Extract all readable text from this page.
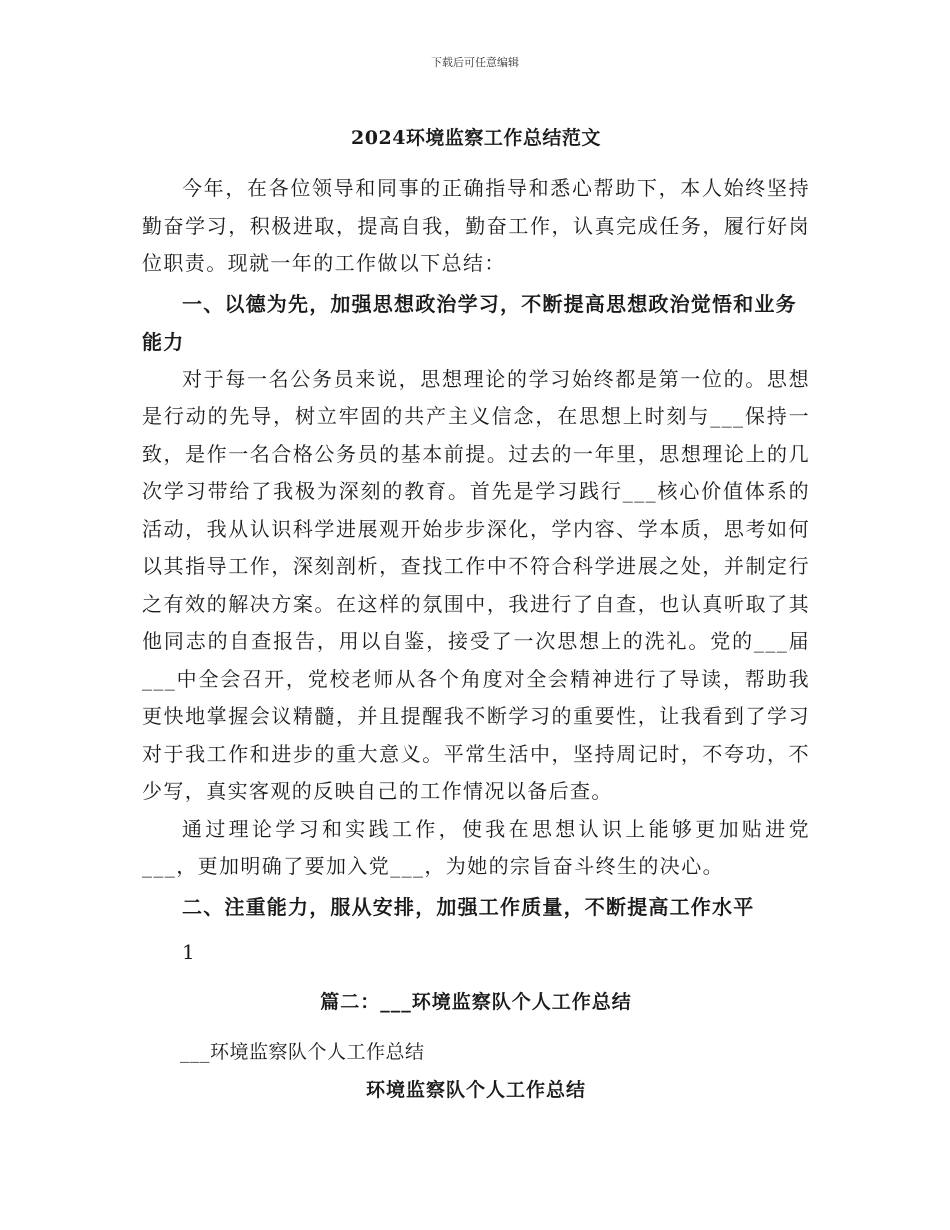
下载后可任意编辑
2024环境监察工作总结范文

今年，在各位领导和同事的正确指导和悉心帮助下，本人始终坚持勤奋学习，积极进取，提高自我，勤奋工作，认真完成任务，履行好岗位职责。现就一年的工作做以下总结：

一、以德为先，加强思想政治学习，不断提高思想政治觉悟和业务能力

对于每一名公务员来说，思想理论的学习始终都是第一位的。思想是行动的先导，树立牢固的共产主义信念，在思想上时刻与___保持一致，是作一名合格公务员的基本前提。过去的一年里，思想理论上的几次学习带给了我极为深刻的教育。首先是学习践行___核心价值体系的活动，我从认识科学进展观开始步步深化，学内容、学本质，思考如何以其指导工作，深刻剖析，查找工作中不符合科学进展之处，并制定行之有效的解决方案。在这样的氛围中，我进行了自查，也认真听取了其他同志的自查报告，用以自鉴，接受了一次思想上的洗礼。党的___届___中全会召开，党校老师从各个角度对全会精神进行了导读，帮助我更快地掌握会议精髓，并且提醒我不断学习的重要性，让我看到了学习对于我工作和进步的重大意义。平常生活中，坚持周记时，不夸功，不少写，真实客观的反映自己的工作情况以备后查。

通过理论学习和实践工作，使我在思想认识上能够更加贴进党___，更加明确了要加入党___，为她的宗旨奋斗终生的决心。

二、注重能力，服从安排，加强工作质量，不断提高工作水平

1

篇二：___环境监察队个人工作总结

___环境监察队个人工作总结

环境监察队个人工作总结
